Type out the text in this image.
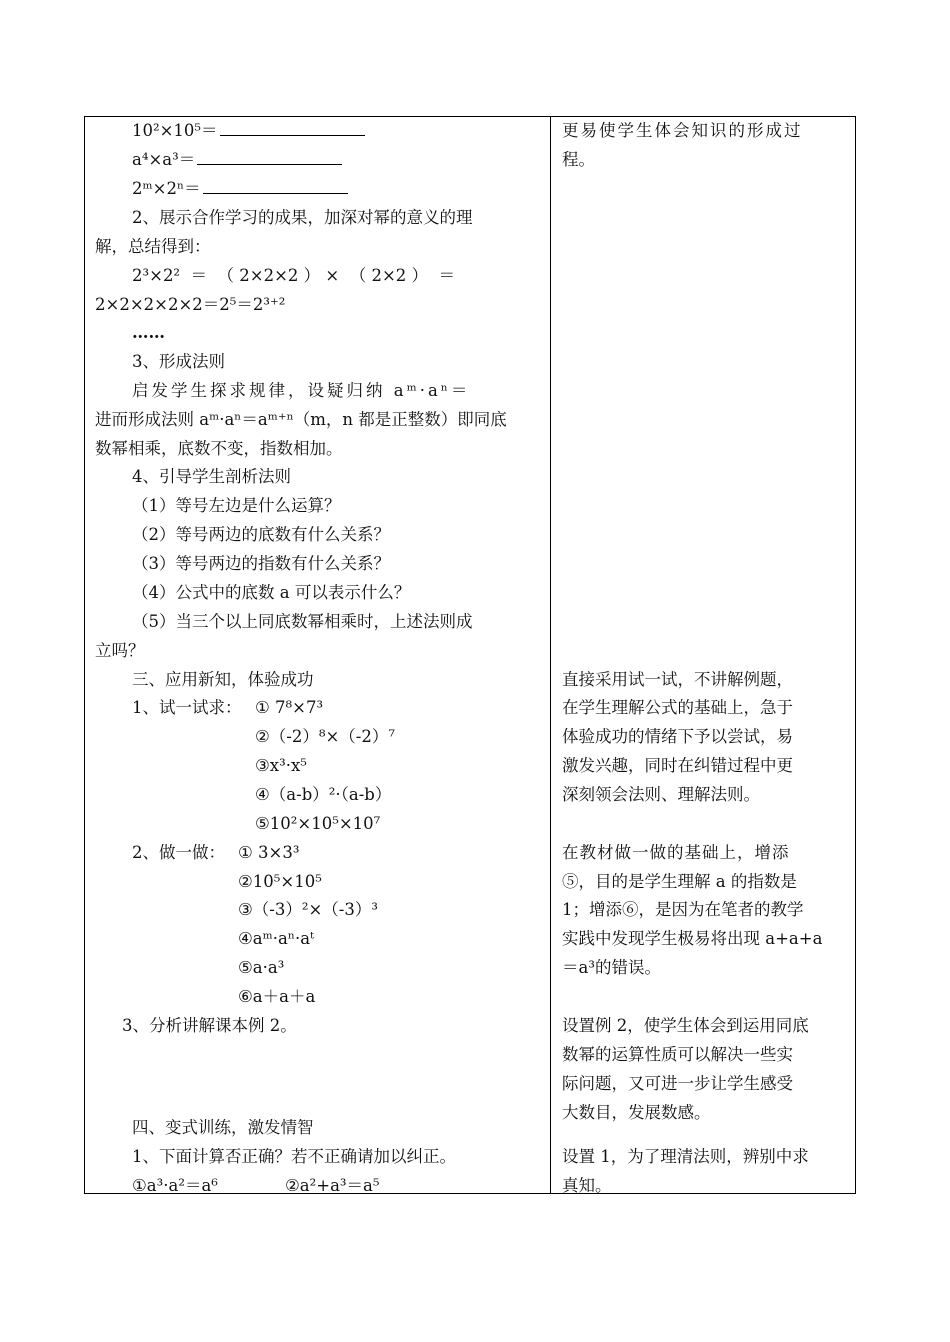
10²×10⁵＝
a⁴×a³＝
2ᵐ×2ⁿ＝
2、展示合作学习的成果，加深对幂的意义的理
解，总结得到：
2³×2²  ＝  （ 2×2×2 ） ×  （ 2×2 ）  ＝
2×2×2×2×2＝2⁵＝2³⁺²
……
3、形成法则
启发学生探求规律，设疑归纳 aᵐ·aⁿ＝
进而形成法则 aᵐ·aⁿ＝aᵐ⁺ⁿ（m，n 都是正整数）即同底
数幂相乘，底数不变，指数相加。
4、引导学生剖析法则
（1）等号左边是什么运算？
（2）等号两边的底数有什么关系？
（3）等号两边的指数有什么关系？
（4）公式中的底数 a 可以表示什么？
（5）当三个以上同底数幂相乘时，上述法则成
立吗？
三、应用新知，体验成功
1、试一试求： ① 7⁸×7³
②（-2）⁸×（-2）⁷
③x³·x⁵
④（a-b）²·（a-b）
⑤10²×10⁵×10⁷
2、做一做： ① 3×3³
②10⁵×10⁵
③（-3）²×（-3）³
④aᵐ·aⁿ·aᵗ
⑤a·a³
⑥a＋a＋a
3、分析讲解课本例 2。
四、变式训练，激发情智
1、下面计算否正确？若不正确请加以纠正。
①a³·a²＝a⁶	②a²+a³＝a⁵
更易使学生体会知识的形成过
程。
直接采用试一试，不讲解例题，
在学生理解公式的基础上，急于
体验成功的情绪下予以尝试，易
激发兴趣，同时在纠错过程中更
深刻领会法则、理解法则。
在教材做一做的基础上，增添
⑤，目的是学生理解 a 的指数是
1；增添⑥，是因为在笔者的教学
实践中发现学生极易将出现 a+a+a
＝a³的错误。
设置例 2，使学生体会到运用同底
数幂的运算性质可以解决一些实
际问题，又可进一步让学生感受
大数目，发展数感。
设置 1，为了理清法则，辨别中求
真知。
